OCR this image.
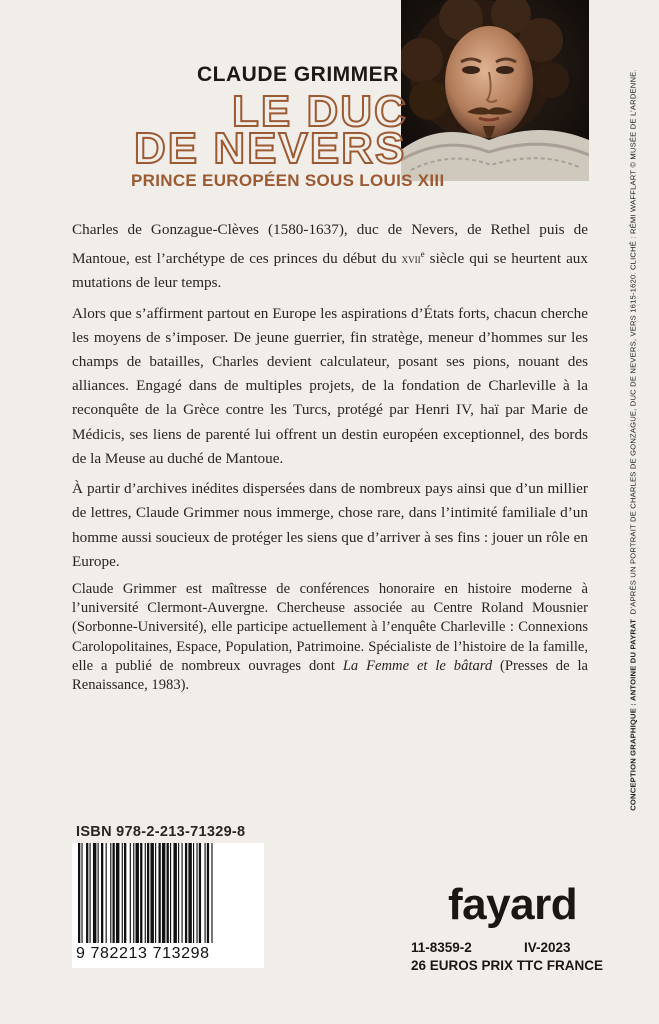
CLAUDE GRIMMER
LE DUC
DE NEVERS
PRINCE EUROPÉEN SOUS LOUIS XIII

Charles de Gonzague-Clèves (1580-1637), duc de Nevers, de Rethel puis de Mantoue, est l’archétype de ces princes du début du xvii$^e$ siècle qui se heurtent aux mutations de leur temps.

Alors que s’affirment partout en Europe les aspirations d’États forts, chacun cherche les moyens de s’imposer. De jeune guerrier, fin stratège, meneur d’hommes sur les champs de batailles, Charles devient calculateur, posant ses pions, nouant des alliances. Engagé dans de multiples projets, de la fondation de Charleville à la reconquête de la Grèce contre les Turcs, protégé par Henri IV, haï par Marie de Médicis, ses liens de parenté lui offrent un destin européen exceptionnel, des bords de la Meuse au duché de Mantoue.

À partir d’archives inédites dispersées dans de nombreux pays ainsi que d’un millier de lettres, Claude Grimmer nous immerge, chose rare, dans l’intimité familiale d’un homme aussi soucieux de protéger les siens que d’arriver à ses fins : jouer un rôle en Europe.

Claude Grimmer est maîtresse de conférences honoraire en histoire moderne à l’université Clermont-Auvergne. Chercheuse associée au Centre Roland Mousnier (Sorbonne-Université), elle participe actuellement à l’enquête Charleville : Connexions Carolopolitaines, Espace, Population, Patrimoine. Spécialiste de l’histoire de la famille, elle a publié de nombreux ouvrages dont La Femme et le bâtard (Presses de la Renaissance, 1983).	CONCEPTION GRAPHIQUE : ANTOINE DU PAYRAT  D’APRÈS UN PORTRAIT DE CHARLES DE GONZAGUE, DUC DE NEVERS, VERS 1615-1620. CLICHÉ : RÉMI WAFFLART © MUSÉE DE L’ARDENNE.
ISBN 978-2-213-71329-8
9 782213 713298
fayard
11-8359-2	IV-2023
26 EUROS PRIX TTC FRANCE
